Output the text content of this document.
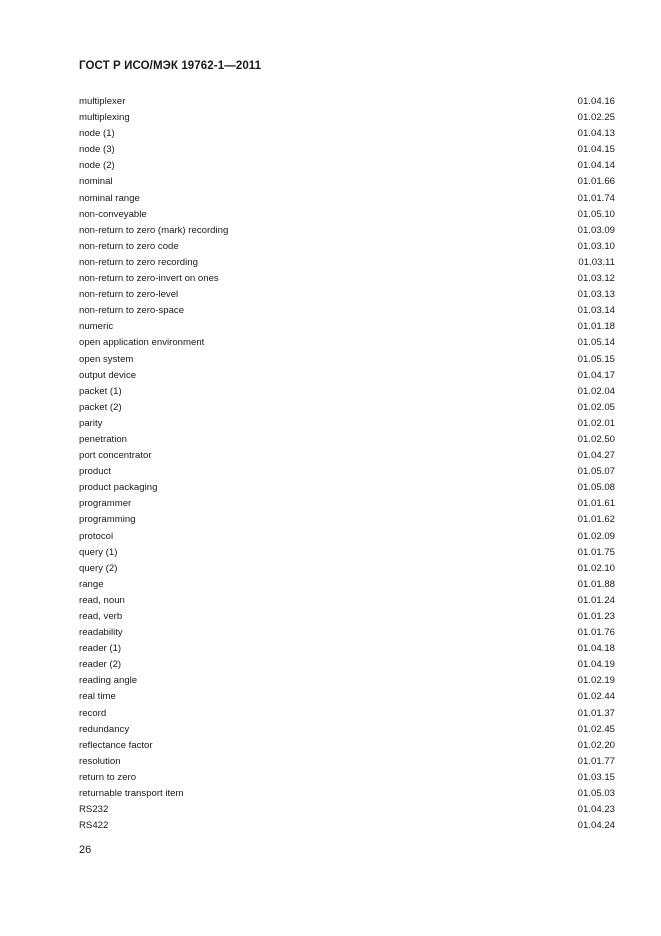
ГОСТ Р ИСО/МЭК 19762-1—2011
multiplexer	01.04.16
multiplexing	01.02.25
node (1)	01.04.13
node (3)	01.04.15
node (2)	01.04.14
nominal	01.01.66
nominal range	01.01.74
non-conveyable	01.05.10
non-return to zero (mark) recording	01.03.09
non-return to zero code	01.03.10
non-return to zero recording	01.03.11
non-return to zero-invert on ones	01.03.12
non-return to zero-level	01.03.13
non-return to zero-space	01.03.14
numeric	01.01.18
open application environment	01.05.14
open system	01.05.15
output device	01.04.17
packet (1)	01.02.04
packet (2)	01.02.05
parity	01.02.01
penetration	01.02.50
port concentrator	01.04.27
product	01.05.07
product packaging	01.05.08
programmer	01.01.61
programming	01.01.62
protocol	01.02.09
query (1)	01.01.75
query (2)	01.02.10
range	01.01.88
read, noun	01.01.24
read, verb	01.01.23
readability	01.01.76
reader (1)	01.04.18
reader (2)	01.04.19
reading angle	01.02.19
real time	01.02.44
record	01.01.37
redundancy	01.02.45
reflectance factor	01.02.20
resolution	01.01.77
return to zero	01.03.15
returnable transport item	01.05.03
RS232	01.04.23
RS422	01.04.24
26
